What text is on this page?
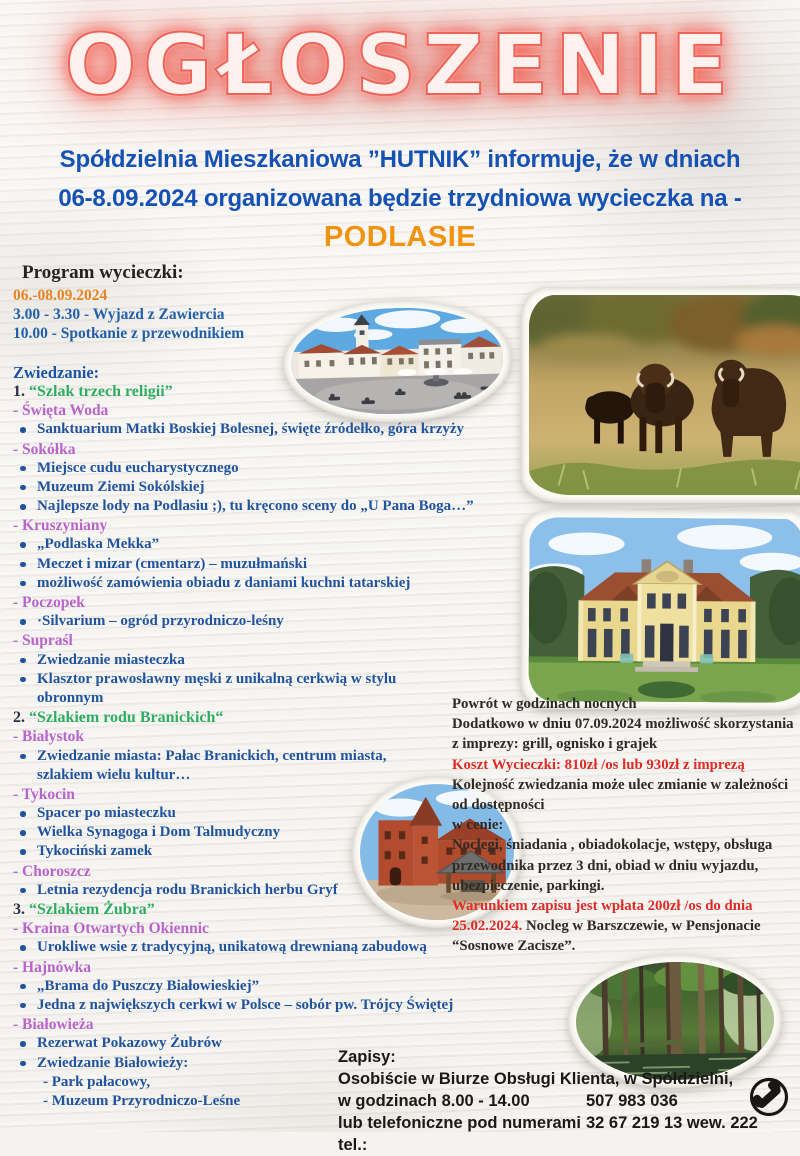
OGŁOSZENIE
Spółdzielnia Mieszkaniowa ”HUTNIK” informuje, że w dniach
06-8.09.2024 organizowana będzie trzydniowa wycieczka na -
PODLASIE
Program wycieczki:
06.-08.09.2024
3.00 - 3.30 - Wyjazd z Zawiercia
10.00 - Spotkanie z przewodnikiem
Zwiedzanie:
1. “Szlak trzech religii”
- Święta Woda
Sanktuarium Matki Boskiej Bolesnej, święte źródełko, góra krzyży
- Sokółka
Miejsce cudu eucharystycznego
Muzeum Ziemi Sokólskiej
Najlepsze lody na Podlasiu ;), tu kręcono sceny do „U Pana Boga…”
- Kruszyniany
„Podlaska Mekka”
Meczet i mizar (cmentarz) – muzułmański
możliwość zamówienia obiadu z daniami kuchni tatarskiej
- Poczopek
·Silvarium – ogród przyrodniczo-leśny
- Supraśl
Zwiedzanie miasteczka
Klasztor prawosławny męski z unikalną cerkwią w stylu
obronnym
2. “Szlakiem rodu Branickich“
- Białystok
Zwiedzanie miasta: Pałac Branickich, centrum miasta,
szlakiem wielu kultur…
- Tykocin
Spacer po miasteczku
Wielka Synagoga i Dom Talmudyczny
Tykociński zamek
- Choroszcz
Letnia rezydencja rodu Branickich herbu Gryf
3. “Szlakiem Żubra”
- Kraina Otwartych Okiennic
Urokliwe wsie z tradycyjną, unikatową drewnianą zabudową
- Hajnówka
„Brama do Puszczy Białowieskiej”
Jedna z największych cerkwi w Polsce – sobór pw. Trójcy Świętej
- Białowieża
Rezerwat Pokazowy Żubrów
Zwiedzanie Białowieży:
- Park pałacowy,
- Muzeum Przyrodniczo-Leśne
Powrót w godzinach nocnych
Dodatkowo w dniu 07.09.2024 możliwość skorzystania
z imprezy: grill, ognisko i grajek
Koszt Wycieczki: 810zł /os lub 930zł z imprezą
Kolejność zwiedzania może ulec zmianie w zależności
od dostępności
w cenie:
Noclegi, śniadania , obiadokolacje, wstępy, obsługa
przewodnika przez 3 dni, obiad w dniu wyjazdu,
ubezpieczenie, parkingi.
Warunkiem zapisu jest wpłata 200zł /os do dnia
25.02.2024. Nocleg w Barszczewie, w Pensjonacie
“Sosnowe Zacisze”.
Zapisy:
Osobiście w Biurze Obsługi Klienta, w Spółdzielni,
w godzinach 8.00 - 14.00	507 983 036
lub telefoniczne pod numerami tel.:
32 67 219 13 wew. 222
